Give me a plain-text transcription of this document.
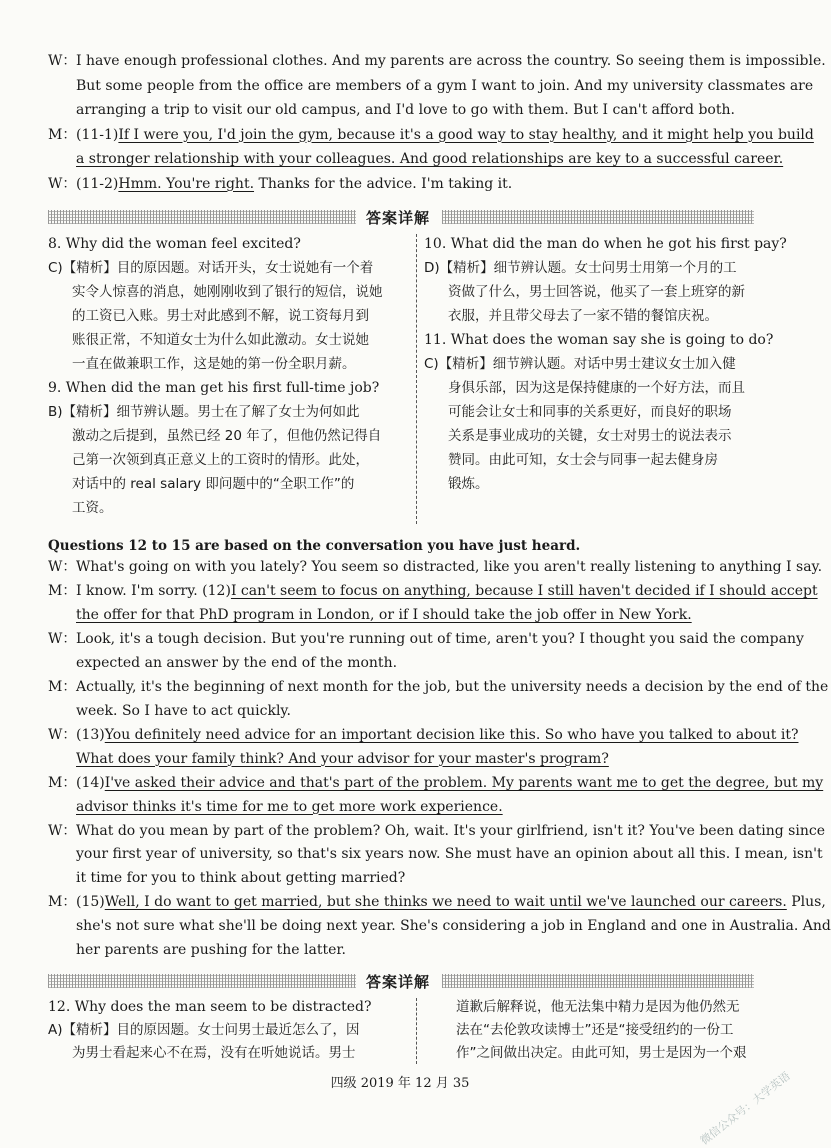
W：I have enough professional clothes. And my parents are across the country. So seeing them is impossible.
But some people from the office are members of a gym I want to join. And my university classmates are
arranging a trip to visit our old campus, and I'd love to go with them. But I can't afford both.
M：(11-1)If I were you, I'd join the gym, because it's a good way to stay healthy, and it might help you build
a stronger relationship with your colleagues. And good relationships are key to a successful career.
W：(11-2)Hmm. You're right. Thanks for the advice. I'm taking it.
答案详解
8. Why did the woman feel excited?
C)【精析】目的原因题。对话开头，女士说她有一个着
实令人惊喜的消息，她刚刚收到了银行的短信，说她
的工资已入账。男士对此感到不解，说工资每月到
账很正常，不知道女士为什么如此激动。女士说她
一直在做兼职工作，这是她的第一份全职月薪。
9. When did the man get his first full-time job?
B)【精析】细节辨认题。男士在了解了女士为何如此
激动之后提到，虽然已经 20 年了，但他仍然记得自
己第一次领到真正意义上的工资时的情形。此处，
对话中的 real salary 即问题中的“全职工作”的
工资。
10. What did the man do when he got his first pay?
D)【精析】细节辨认题。女士问男士用第一个月的工
资做了什么，男士回答说，他买了一套上班穿的新
衣服，并且带父母去了一家不错的餐馆庆祝。
11. What does the woman say she is going to do?
C)【精析】细节辨认题。对话中男士建议女士加入健
身俱乐部，因为这是保持健康的一个好方法，而且
可能会让女士和同事的关系更好，而良好的职场
关系是事业成功的关键，女士对男士的说法表示
赞同。由此可知，女士会与同事一起去健身房
锻炼。
Questions 12 to 15 are based on the conversation you have just heard.
W：What's going on with you lately? You seem so distracted, like you aren't really listening to anything I say.
M：I know. I'm sorry. (12)I can't seem to focus on anything, because I still haven't decided if I should accept
the offer for that PhD program in London, or if I should take the job offer in New York.
W：Look, it's a tough decision. But you're running out of time, aren't you? I thought you said the company
expected an answer by the end of the month.
M：Actually, it's the beginning of next month for the job, but the university needs a decision by the end of the
week. So I have to act quickly.
W：(13)You definitely need advice for an important decision like this. So who have you talked to about it?
What does your family think? And your advisor for your master's program?
M：(14)I've asked their advice and that's part of the problem. My parents want me to get the degree, but my
advisor thinks it's time for me to get more work experience.
W：What do you mean by part of the problem? Oh, wait. It's your girlfriend, isn't it? You've been dating since
your first year of university, so that's six years now. She must have an opinion about all this. I mean, isn't
it time for you to think about getting married?
M：(15)Well, I do want to get married, but she thinks we need to wait until we've launched our careers. Plus,
she's not sure what she'll be doing next year. She's considering a job in England and one in Australia. And
her parents are pushing for the latter.
答案详解
12. Why does the man seem to be distracted?
A)【精析】目的原因题。女士问男士最近怎么了，因
为男士看起来心不在焉，没有在听她说话。男士
道歉后解释说，他无法集中精力是因为他仍然无
法在“去伦敦攻读博士”还是“接受纽约的一份工
作”之间做出决定。由此可知，男士是因为一个艰
四级 2019 年 12 月 35	微信公众号：大学英语
